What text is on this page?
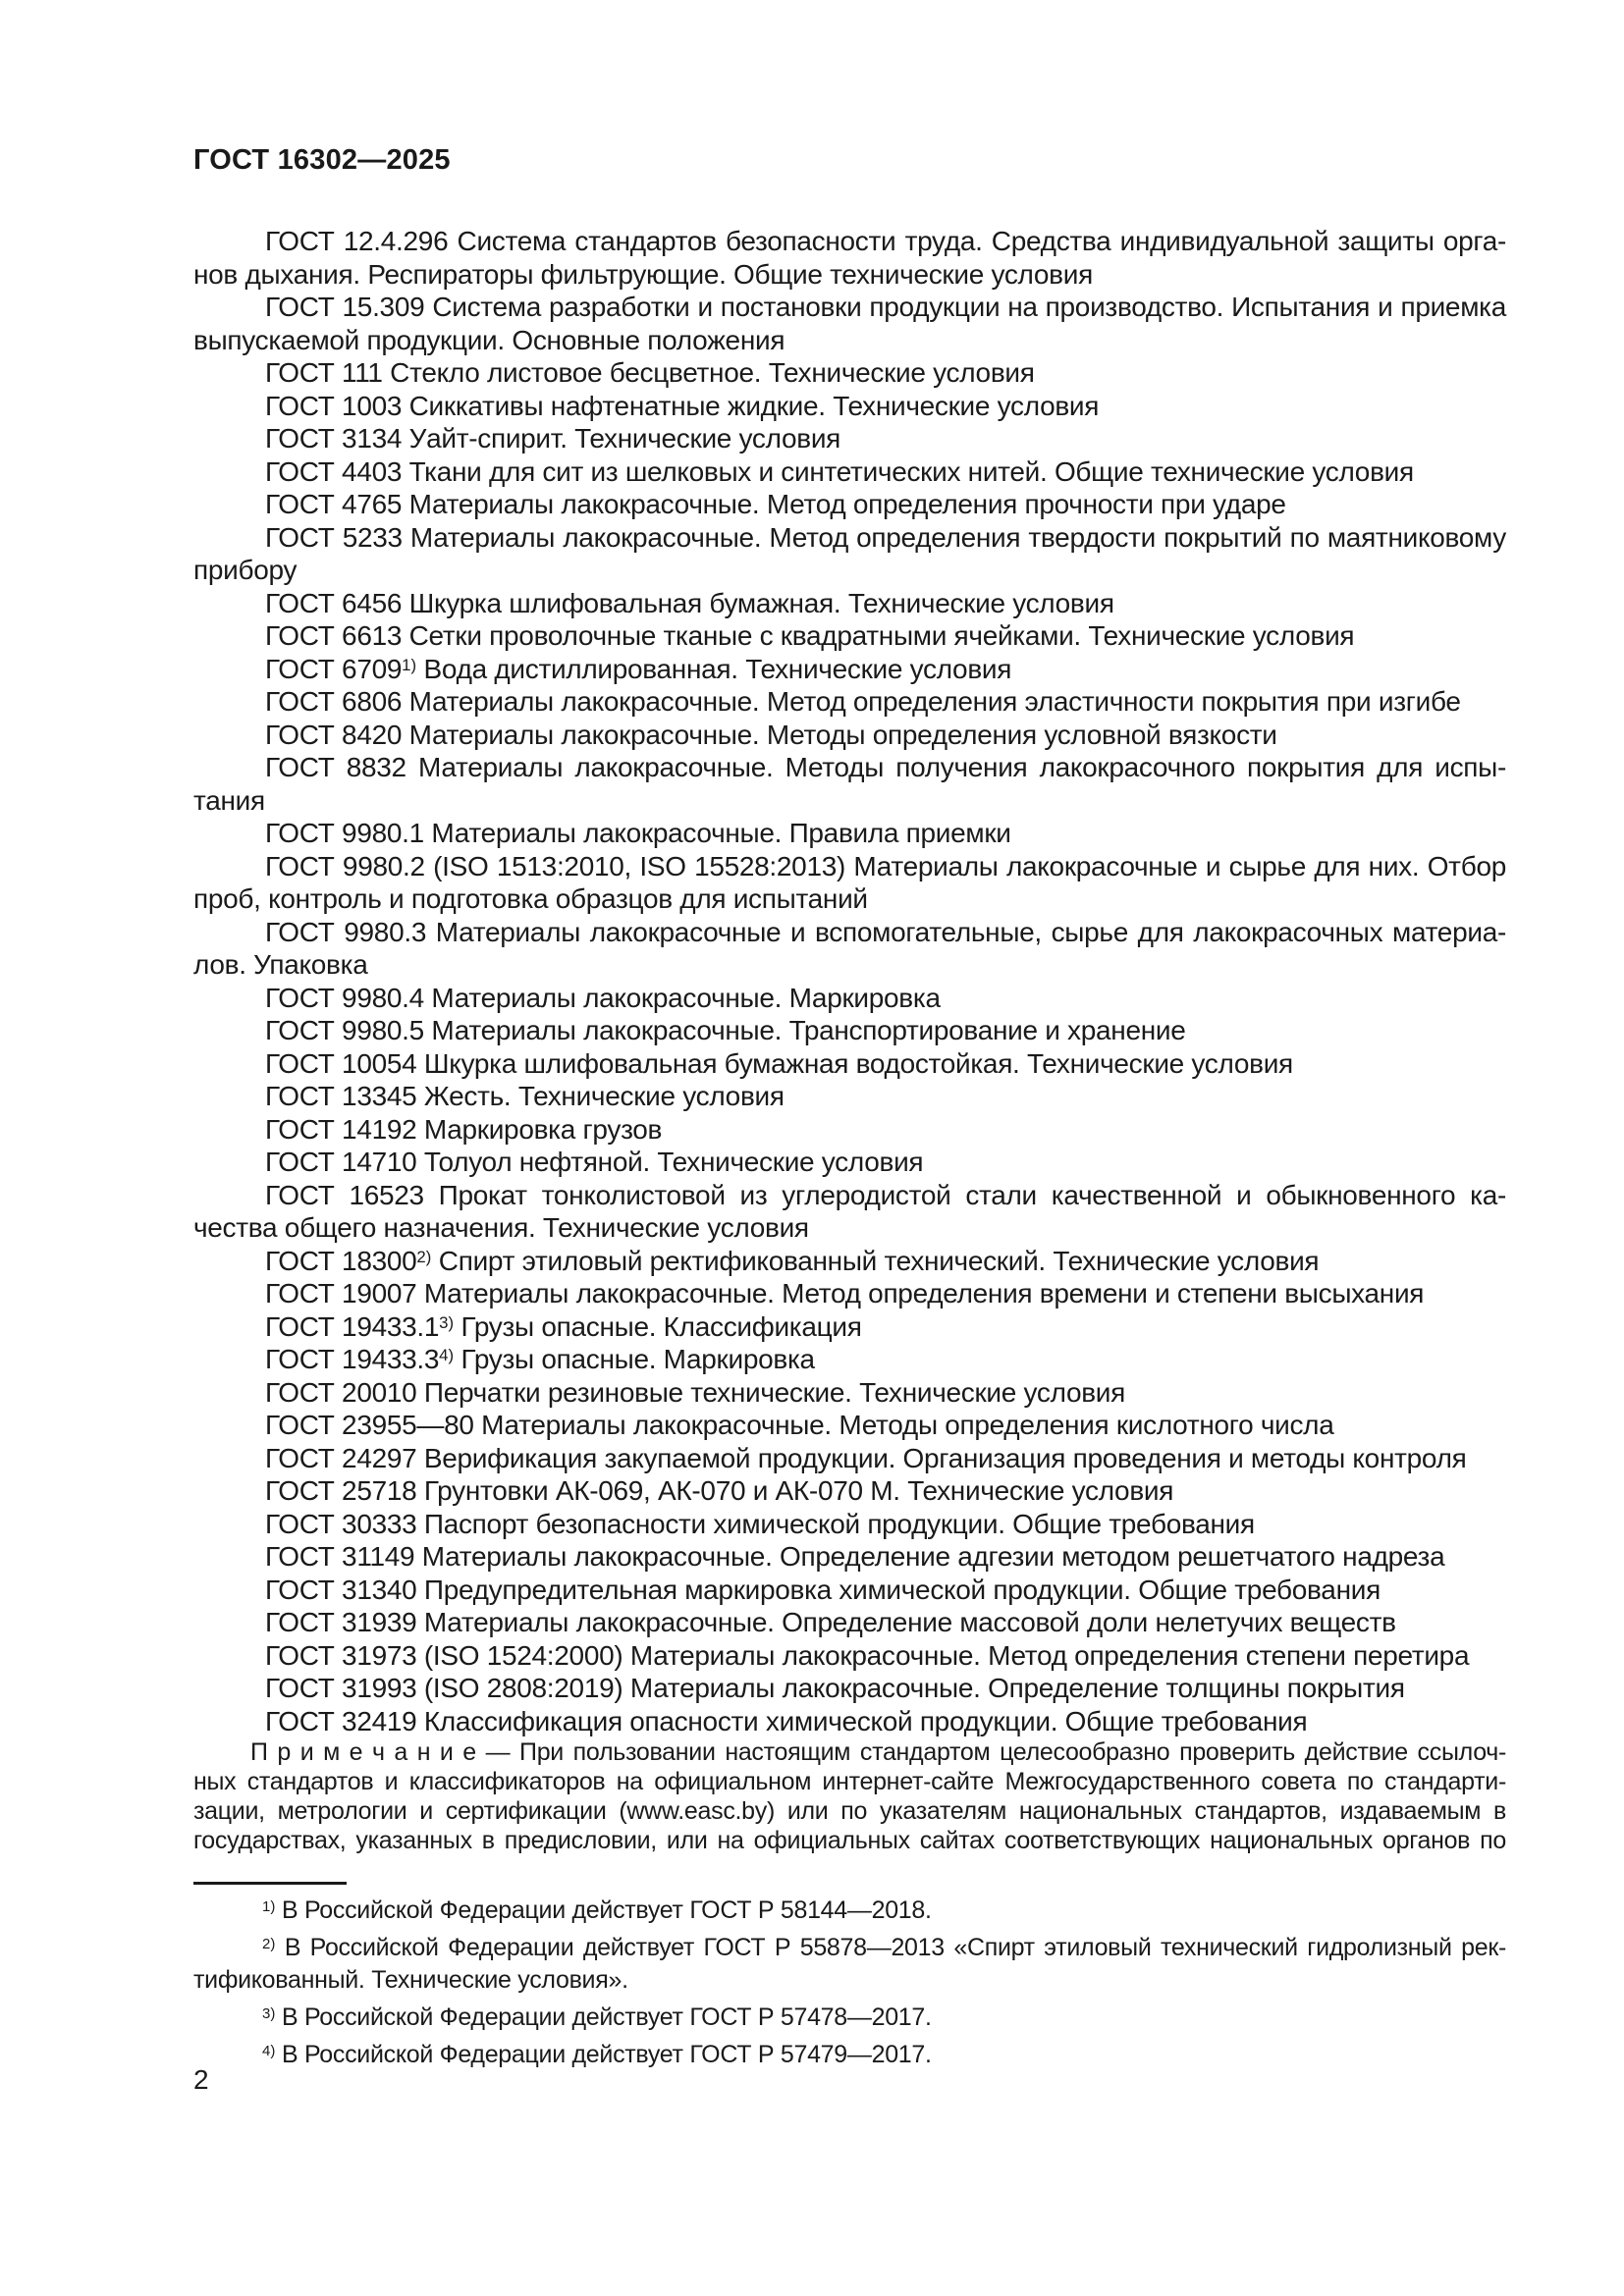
ГОСТ 16302—2025
ГОСТ 12.4.296 Система стандартов безопасности труда. Средства индивидуальной защиты орга-
нов дыхания. Респираторы фильтрующие. Общие технические условия
ГОСТ 15.309 Система разработки и постановки продукции на производство. Испытания и приемка
выпускаемой продукции. Основные положения
ГОСТ 111 Стекло листовое бесцветное. Технические условия
ГОСТ 1003 Сиккативы нафтенатные жидкие. Технические условия
ГОСТ 3134 Уайт-спирит. Технические условия
ГОСТ 4403 Ткани для сит из шелковых и синтетических нитей. Общие технические условия
ГОСТ 4765 Материалы лакокрасочные. Метод определения прочности при ударе
ГОСТ 5233 Материалы лакокрасочные. Метод определения твердости покрытий по маятниковому
прибору
ГОСТ 6456 Шкурка шлифовальная бумажная. Технические условия
ГОСТ 6613 Сетки проволочные тканые с квадратными ячейками. Технические условия
ГОСТ 6709$^{1)}$ Вода дистиллированная. Технические условия
ГОСТ 6806 Материалы лакокрасочные. Метод определения эластичности покрытия при изгибе
ГОСТ 8420 Материалы лакокрасочные. Методы определения условной вязкости
ГОСТ 8832 Материалы лакокрасочные. Методы получения лакокрасочного покрытия для испы-
тания
ГОСТ 9980.1 Материалы лакокрасочные. Правила приемки
ГОСТ 9980.2 (ISO 1513:2010, ISO 15528:2013) Материалы лакокрасочные и сырье для них. Отбор
проб, контроль и подготовка образцов для испытаний
ГОСТ 9980.3 Материалы лакокрасочные и вспомогательные, сырье для лакокрасочных материа-
лов. Упаковка
ГОСТ 9980.4 Материалы лакокрасочные. Маркировка
ГОСТ 9980.5 Материалы лакокрасочные. Транспортирование и хранение
ГОСТ 10054 Шкурка шлифовальная бумажная водостойкая. Технические условия
ГОСТ 13345 Жесть. Технические условия
ГОСТ 14192 Маркировка грузов
ГОСТ 14710 Толуол нефтяной. Технические условия
ГОСТ 16523 Прокат тонколистовой из углеродистой стали качественной и обыкновенного ка-
чества общего назначения. Технические условия
ГОСТ 18300$^{2)}$ Спирт этиловый ректификованный технический. Технические условия
ГОСТ 19007 Материалы лакокрасочные. Метод определения времени и степени высыхания
ГОСТ 19433.1$^{3)}$ Грузы опасные. Классификация
ГОСТ 19433.3$^{4)}$ Грузы опасные. Маркировка
ГОСТ 20010 Перчатки резиновые технические. Технические условия
ГОСТ 23955—80 Материалы лакокрасочные. Методы определения кислотного числа
ГОСТ 24297 Верификация закупаемой продукции. Организация проведения и методы контроля
ГОСТ 25718 Грунтовки АК-069, АК-070 и АК-070 М. Технические условия
ГОСТ 30333 Паспорт безопасности химической продукции. Общие требования
ГОСТ 31149 Материалы лакокрасочные. Определение адгезии методом решетчатого надреза
ГОСТ 31340 Предупредительная маркировка химической продукции. Общие требования
ГОСТ 31939 Материалы лакокрасочные. Определение массовой доли нелетучих веществ
ГОСТ 31973 (ISO 1524:2000) Материалы лакокрасочные. Метод определения степени перетира
ГОСТ 31993 (ISO 2808:2019) Материалы лакокрасочные. Определение толщины покрытия
ГОСТ 32419 Классификация опасности химической продукции. Общие требования
П р и м е ч а н и е — При пользовании настоящим стандартом целесообразно проверить действие ссылоч-
ных стандартов и классификаторов на официальном интернет-сайте Межгосударственного совета по стандарти-
зации, метрологии и сертификации (www.easc.by) или по указателям национальных стандартов, издаваемым в
государствах, указанных в предисловии, или на официальных сайтах соответствующих национальных органов по
$^{1)}$ В Российской Федерации действует ГОСТ Р 58144—2018.
$^{2)}$ В Российской Федерации действует ГОСТ Р 55878—2013 «Спирт этиловый технический гидролизный рек-
тификованный. Технические условия».
$^{3)}$ В Российской Федерации действует ГОСТ Р 57478—2017.
$^{4)}$ В Российской Федерации действует ГОСТ Р 57479—2017.
2
